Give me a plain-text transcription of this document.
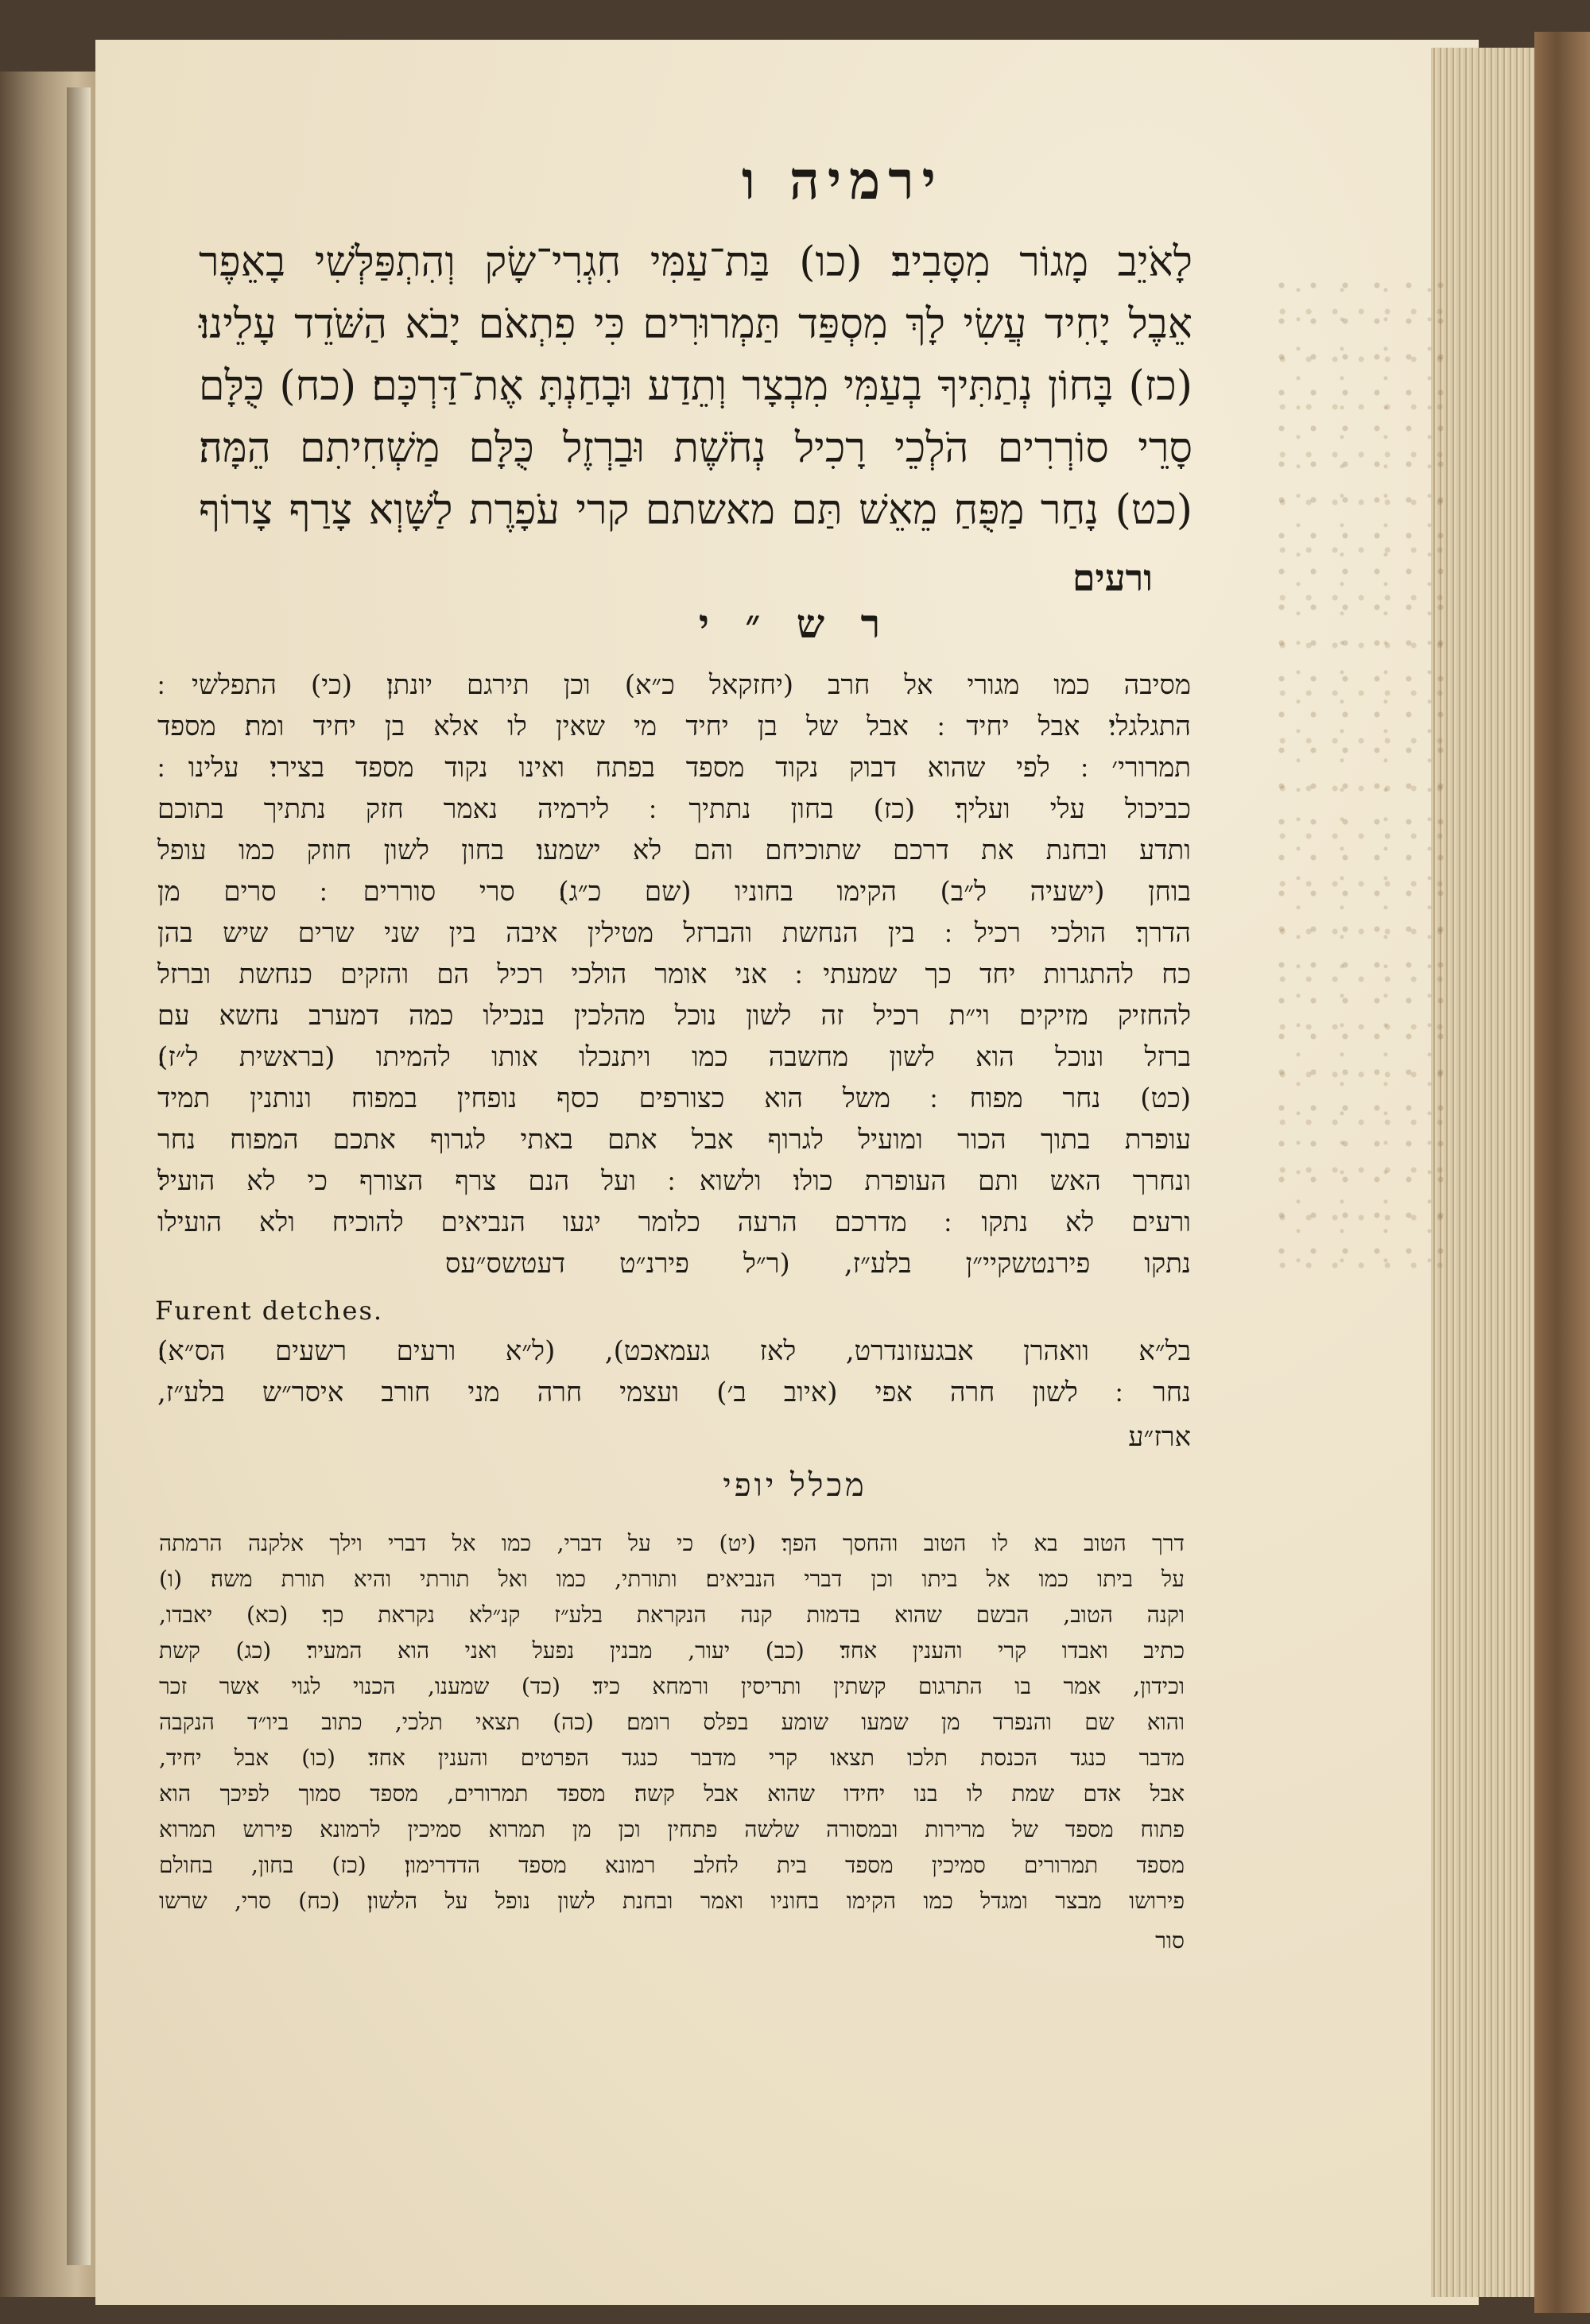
ירמיה ו
לָאֹיֵב מָגוֹר מִסָּבִיב׃ (כו) בַּת־עַמִּי חִגְרִי־שָׂק וְהִתְפַּלְּשִׁי בָאֵפֶר
אֵבֶל יָחִיד עֲשִׂי לָךְ מִסְפַּד תַּמְרוּרִים כִּי פִתְאֹם יָבֹא הַשֹּׁדֵד עָלֵינוּ׃
(כז) בָּחוֹן נְתַתִּיךָ בְעַמִּי מִבְצָר וְתֵדַע וּבָחַנְתָּ אֶת־דַּרְכָּם׃ (כח) כֻּלָּם
סָרֵי סוֹרְרִים הֹלְכֵי רָכִיל נְחֹשֶׁת וּבַרְזֶל כֻּלָּם מַשְׁחִיתִם הֵמָּה׃
(כט) נָחַר מַפֻּחַ מֵאֵשׁ תַּם מאשתם קרי עֹפָרֶת לַשָּׁוְא צָרַף צָרוֹף
ורעים
ר ש ״ י
מסיבה כמו מגורי אל חרב (יחזקאל כ״א) וכן תירגם יונתן׃ (כי) התפלשי ׃
התגלגלי׃ אבל יחיד ׃ אבל של בן יחיד מי שאין לו אלא בן יחיד ומת׃ מספד
תמרורי׳ ׃ לפי שהוא דבוק נקוד מספד בפתח ואינו נקוד מספד בצירי׃ עלינו ׃
כביכול עלי ועליך׃ (כז) בחון נתתיך ׃ לירמיה נאמר חזק נתתיך בתוכם
ותדע ובחנת את דרכם שתוכיחם והם לא ישמעו׃ בחון לשון חוזק כמו עופל
בוחן (ישעיה ל״ב) הקימו בחוניו (שם כ״ג)׃ סרי סוררים ׃ סרים מן
הדרך׃ הולכי רכיל ׃ בין הנחשת והברזל מטילין איבה בין שני שרים שיש בהן
כח להתגרות יחד כך שמעתי ׃ אני אומר הולכי רכיל הם והזקים כנחשת וברזל
להחזיק מזיקים וי״ת רכיל זה לשון נוכל מהלכין בנכילו כמה דמערב נחשא עם
ברזל ונוכל הוא לשון מחשבה כמו ויתנכלו אותו להמיתו (בראשית ל״ז)׃
(כט) נחר מפוח ׃ משל הוא כצורפים כסף נופחין במפוח ונותנין תמיד
עופרת בתוך הכור ומועיל לגרוף אבל אתם באתי לגרוף אתכם המפוח נחר
ונחרך האש ותם העופרת כולו׃ ולשוא ׃ ועל הנם צרף הצורף כי לא הועיל׃
ורעים לא נתקו ׃ מדרכם הרעה כלומר יגעו הנביאים להוכיח ולא הועילו
נתקו פירנטשקיי״ן בלע״ז, (ר״ל פירנ״ט דעטשס״עס
Furent detches.
בל״א וואהרן אבגעזונדרט, לאז געמאכט), (ל״א ורעים רשעים הס״א)׃
נחר ׃ לשון חרה אפי (איוב ב׳) ועצמי חרה מני חורב איסר״ש בלע״ז,
ארז״ע
מכלל יופי
דרך הטוב בא לו הטוב והחסך הפך׃ (יט) כי על דברי, כמו אל דברי וילך אלקנה הרמתה
על ביתו כמו אל ביתו וכן דברי הנביאים׃ ותורתי, כמו ואל תורתי והיא תורת משה׃ (ו)
וקנה הטוב, הבשם שהוא בדמות קנה הנקראת בלע״ז קנ״לא נקראת כך׃ (כא) יאבדו,
כתיב ואבדו קרי והענין אחד׃ (כב) יעור, מבנין נפעל ואני הוא המעיר׃ (כג) קשת
וכידון, אמר בו התרגום קשתין ותריסין ורמחא כיד׃ (כד) שמענו, הכנוי לגוי אשר זכר
והוא שם והנפרד מן שמעו שומע בפלס רומם׃ (כה) תצאי תלכי, כתוב ביו״ד הנקבה
מדבר כנגד הכנסת תלכו תצאו קרי מדבר כנגד הפרטים והענין אחד׃ (כו) אבל יחיד,
אבל אדם שמת לו בנו יחידו שהוא אבל קשה׃ מספד תמרורים, מספד סמוך לפיכך הוא
פתוח מספד של מרירות ובמסורה שלשה פתחין וכן מן תמרוא סמיכין לרמונא פירוש תמרוא
מספד תמרורים סמיכין מספד בית לחלב רמונא מספד הדדרימון׃ (כז) בחון, בחולם
פירושו מבצר ומגדל כמו הקימו בחוניו ואמר ובחנת לשון נופל על הלשון׃ (כח) סרי, שרשו
סור
